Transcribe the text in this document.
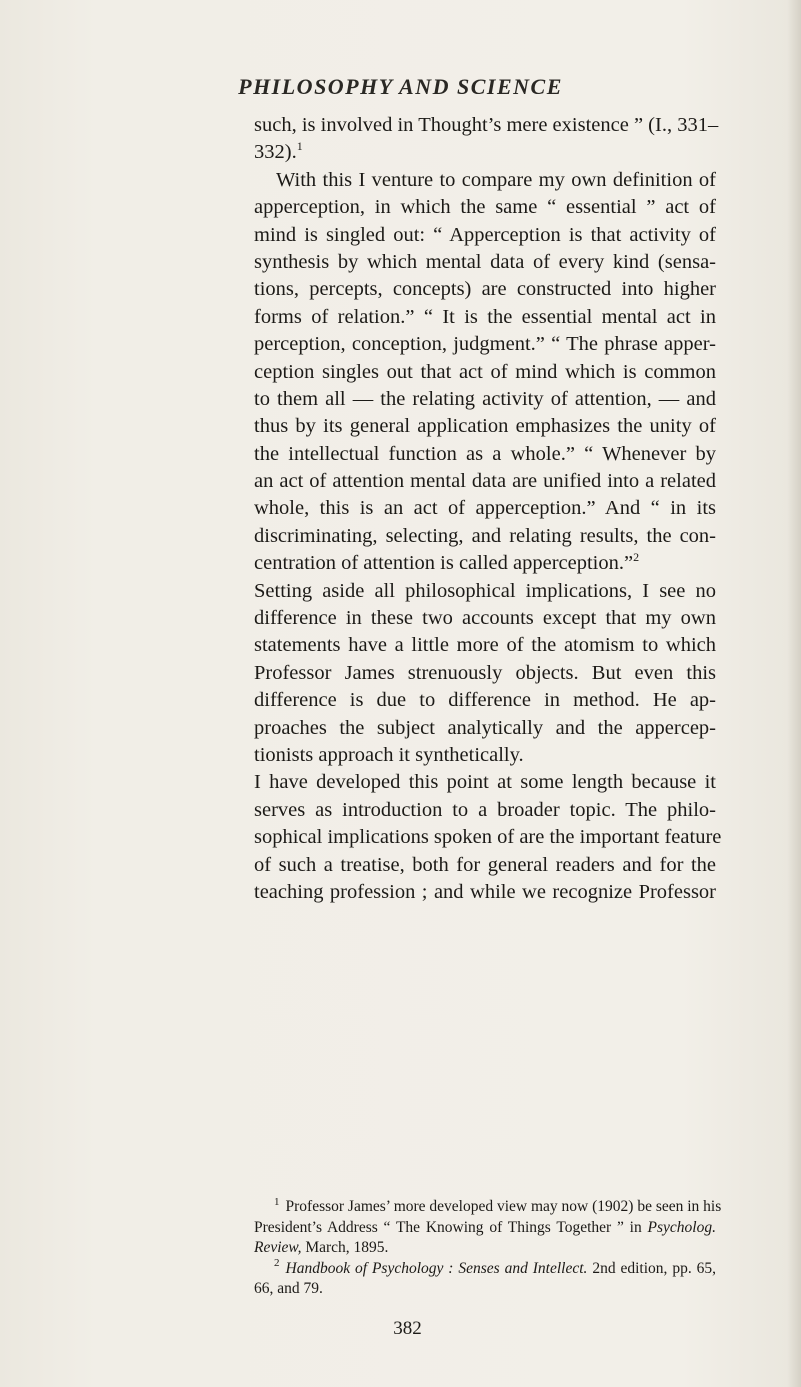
PHILOSOPHY AND SCIENCE
such, is involved in Thought’s mere existence ” (I., 331–
332).$^1$
With this I venture to compare my own definition of
apperception, in which the same “ essential ” act of
mind is singled out: “ Apperception is that activity of
synthesis by which mental data of every kind (sensa-
tions, percepts, concepts) are constructed into higher
forms of relation.” “ It is the essential mental act in
perception, conception, judgment.” “ The phrase apper-
ception singles out that act of mind which is common
to them all — the relating activity of attention, — and
thus by its general application emphasizes the unity of
the intellectual function as a whole.” “ Whenever by
an act of attention mental data are unified into a related
whole, this is an act of apperception.” And “ in its
discriminating, selecting, and relating results, the con-
centration of attention is called apperception.”$^2$
Setting aside all philosophical implications, I see no
difference in these two accounts except that my own
statements have a little more of the atomism to which
Professor James strenuously objects. But even this
difference is due to difference in method. He ap-
proaches the subject analytically and the appercep-
tionists approach it synthetically.
I have developed this point at some length because it
serves as introduction to a broader topic. The philo-
sophical implications spoken of are the important feature
of such a treatise, both for general readers and for the
teaching profession ; and while we recognize Professor
$^1$ Professor James’ more developed view may now (1902) be seen in his
President’s Address “ The Knowing of Things Together ” in Psycholog.
Review, March, 1895.
$^2$ Handbook of Psychology : Senses and Intellect. 2nd edition, pp. 65,
66, and 79.
382
